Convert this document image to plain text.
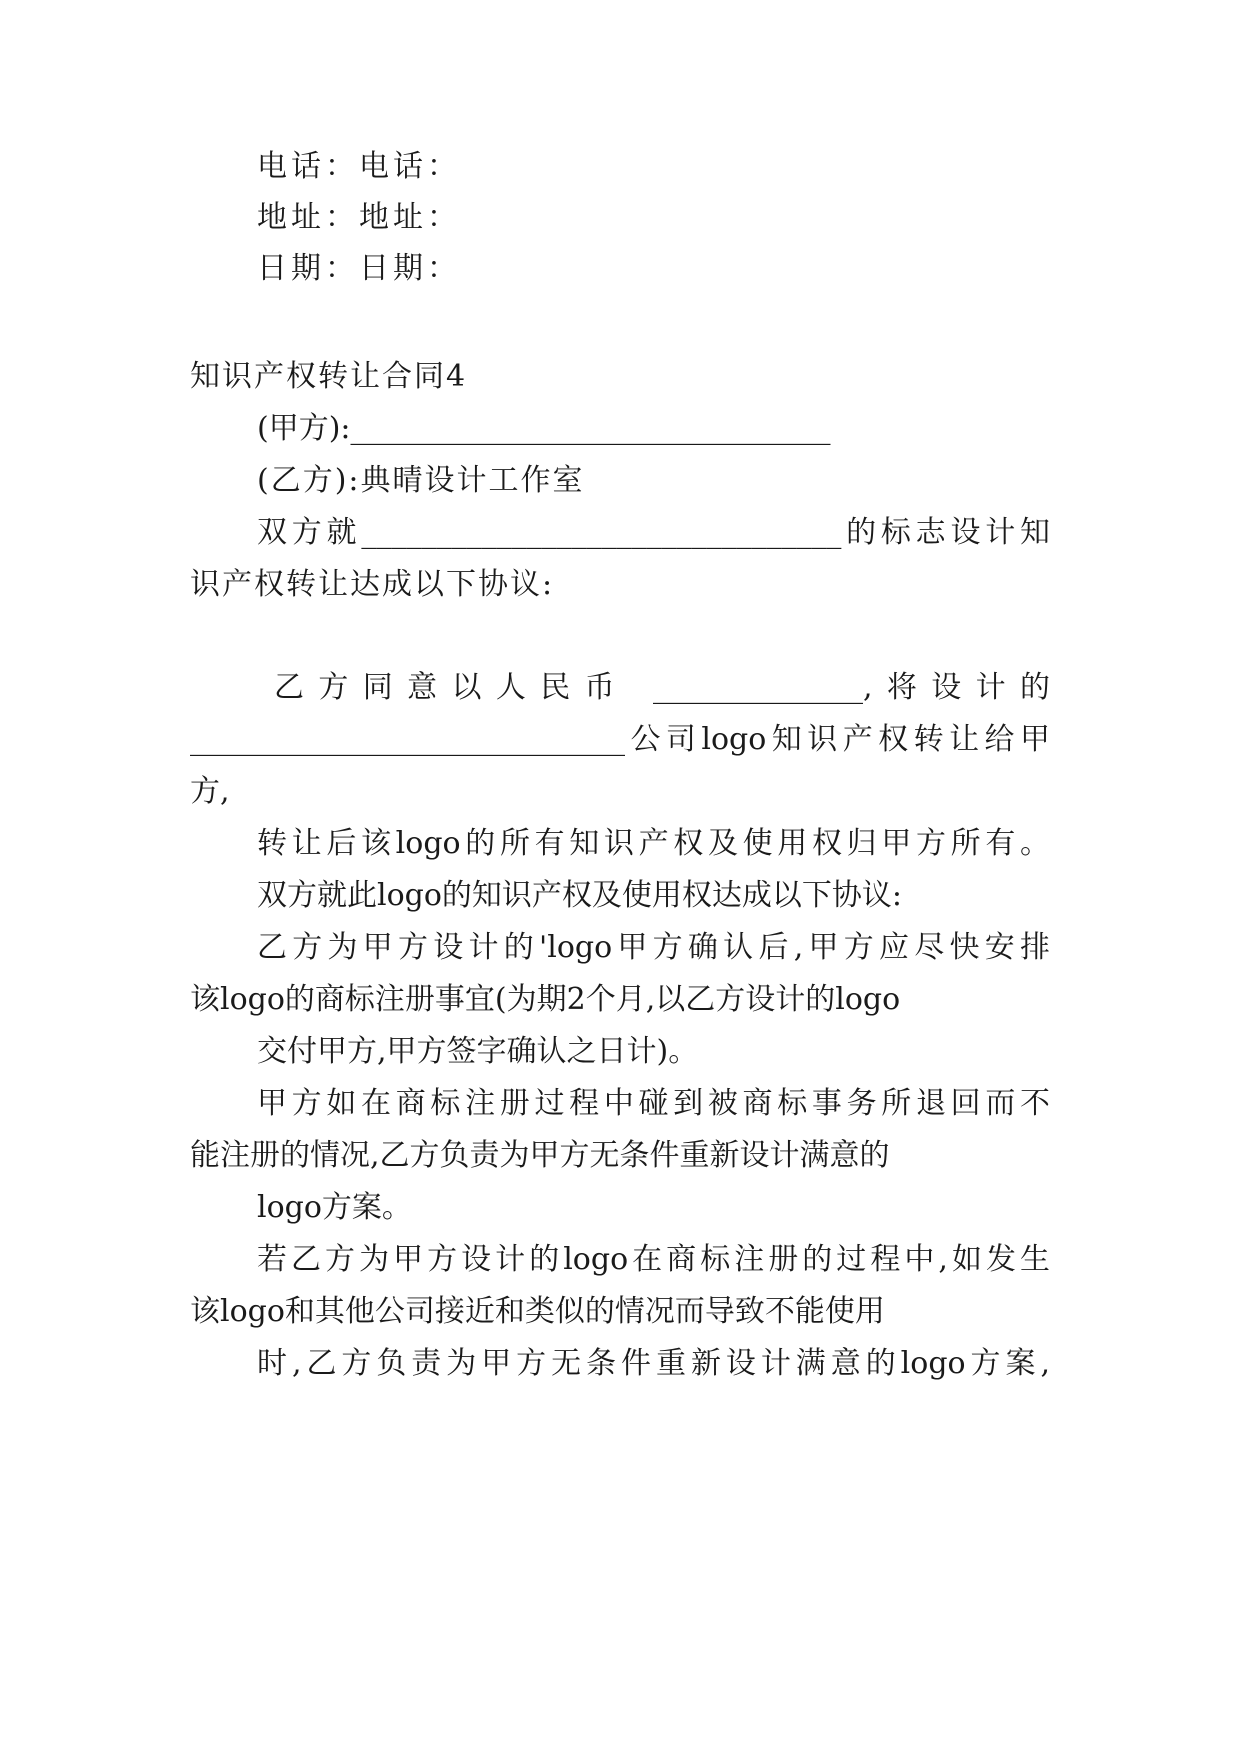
电话：电话：
地址：地址：
日期：日期：
知识产权转让合同4
(甲方):________________________________
(乙方):典晴设计工作室
双方就________________________________的标志设计知
识产权转让达成以下协议:
乙方同意以人民币 ______________,将设计的
_____________________________公司logo知识产权转让给甲
方,
转让后该logo的所有知识产权及使用权归甲方所有。
双方就此logo的知识产权及使用权达成以下协议:
乙方为甲方设计的'logo甲方确认后,甲方应尽快安排
该logo的商标注册事宜(为期2个月,以乙方设计的logo
交付甲方,甲方签字确认之日计)。
甲方如在商标注册过程中碰到被商标事务所退回而不
能注册的情况,乙方负责为甲方无条件重新设计满意的
logo方案。
若乙方为甲方设计的logo在商标注册的过程中,如发生
该logo和其他公司接近和类似的情况而导致不能使用
时,乙方负责为甲方无条件重新设计满意的logo方案,
